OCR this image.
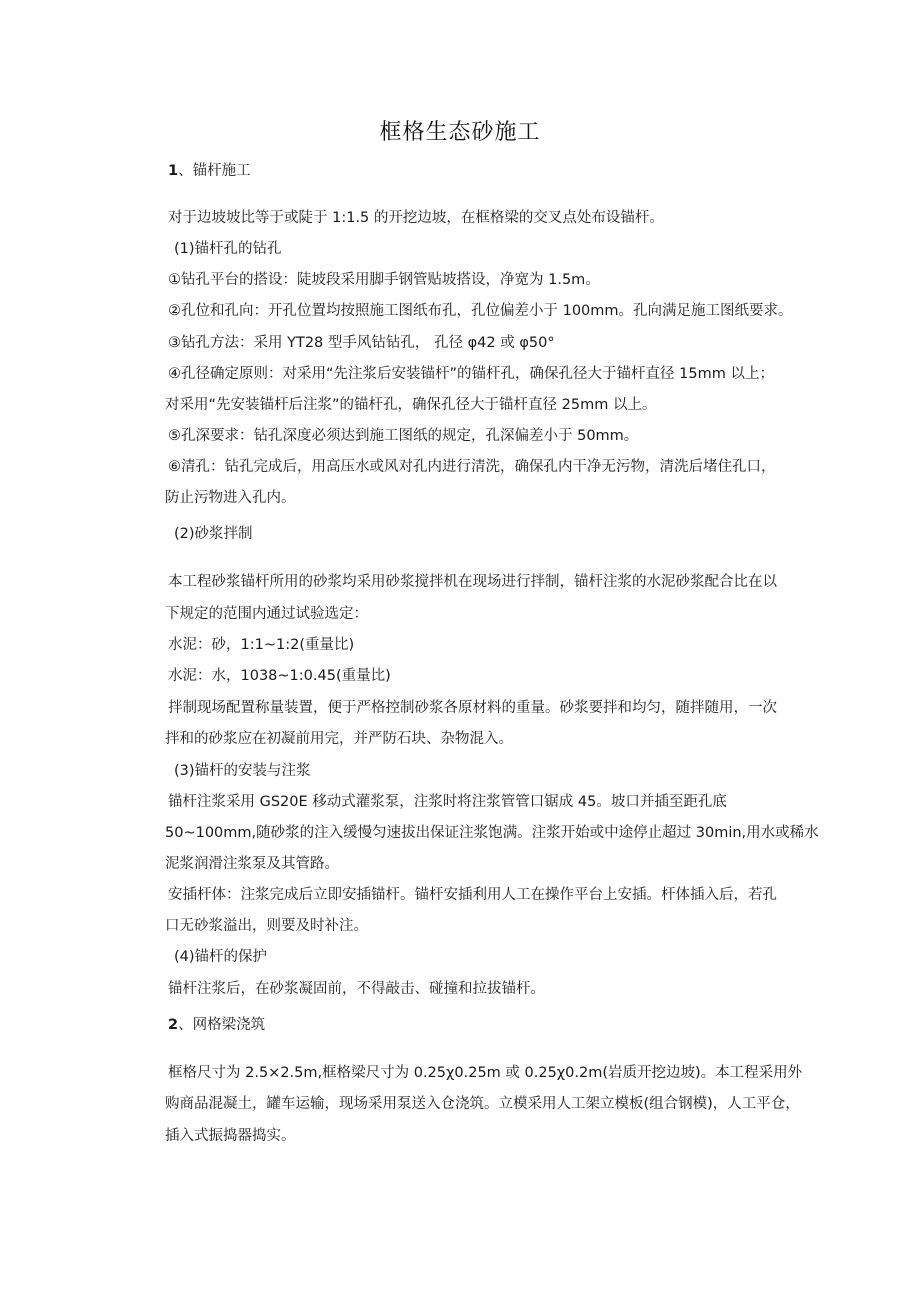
框格生态砂施工
1、锚杆施工
对于边坡坡比等于或陡于 1:1.5 的开挖边坡，在框格梁的交叉点处布设锚杆。
(1)锚杆孔的钻孔
①钻孔平台的搭设：陡坡段采用脚手钢管贴坡搭设，净宽为 1.5m。
②孔位和孔向：开孔位置均按照施工图纸布孔，孔位偏差小于 100mm。孔向满足施工图纸要求。
③钻孔方法：采用 YT28 型手风钻钻孔， 孔径 φ42 或 φ50°
④孔径确定原则：对采用“先注浆后安装锚杆”的锚杆孔，确保孔径大于锚杆直径 15mm 以上；
对采用“先安装锚杆后注浆”的锚杆孔，确保孔径大于锚杆直径 25mm 以上。
⑤孔深要求：钻孔深度必须达到施工图纸的规定，孔深偏差小于 50mm。
⑥清孔：钻孔完成后，用高压水或风对孔内进行清洗，确保孔内干净无污物，清洗后堵住孔口，
防止污物进入孔内。
(2)砂浆拌制
本工程砂浆锚杆所用的砂浆均采用砂浆搅拌机在现场进行拌制，锚杆注浆的水泥砂浆配合比在以
下规定的范围内通过试验选定：
水泥：砂，1:1~1:2(重量比)
水泥：水，1038~1:0.45(重量比)
拌制现场配置称量装置，便于严格控制砂浆各原材料的重量。砂浆要拌和均匀，随拌随用，一次
拌和的砂浆应在初凝前用完，并严防石块、杂物混入。
(3)锚杆的安装与注浆
锚杆注浆采用 GS20E 移动式灌浆泵，注浆时将注浆管管口锯成 45。坡口并插至距孔底
50~100mm,随砂浆的注入缓慢匀速拔出保证注浆饱满。注浆开始或中途停止超过 30min,用水或稀水
泥浆润滑注浆泵及其管路。
安插杆体：注浆完成后立即安插锚杆。锚杆安插利用人工在操作平台上安插。杆体插入后，若孔
口无砂浆溢出，则要及时补注。
(4)锚杆的保护
锚杆注浆后，在砂浆凝固前，不得敲击、碰撞和拉拔锚杆。
2、网格梁浇筑
框格尺寸为 2.5×2.5m,框格梁尺寸为 0.25χ0.25m 或 0.25χ0.2m(岩质开挖边坡)。本工程采用外
购商品混凝土，罐车运输，现场采用泵送入仓浇筑。立模采用人工架立模板(组合钢模)，人工平仓，
插入式振捣器捣实。
